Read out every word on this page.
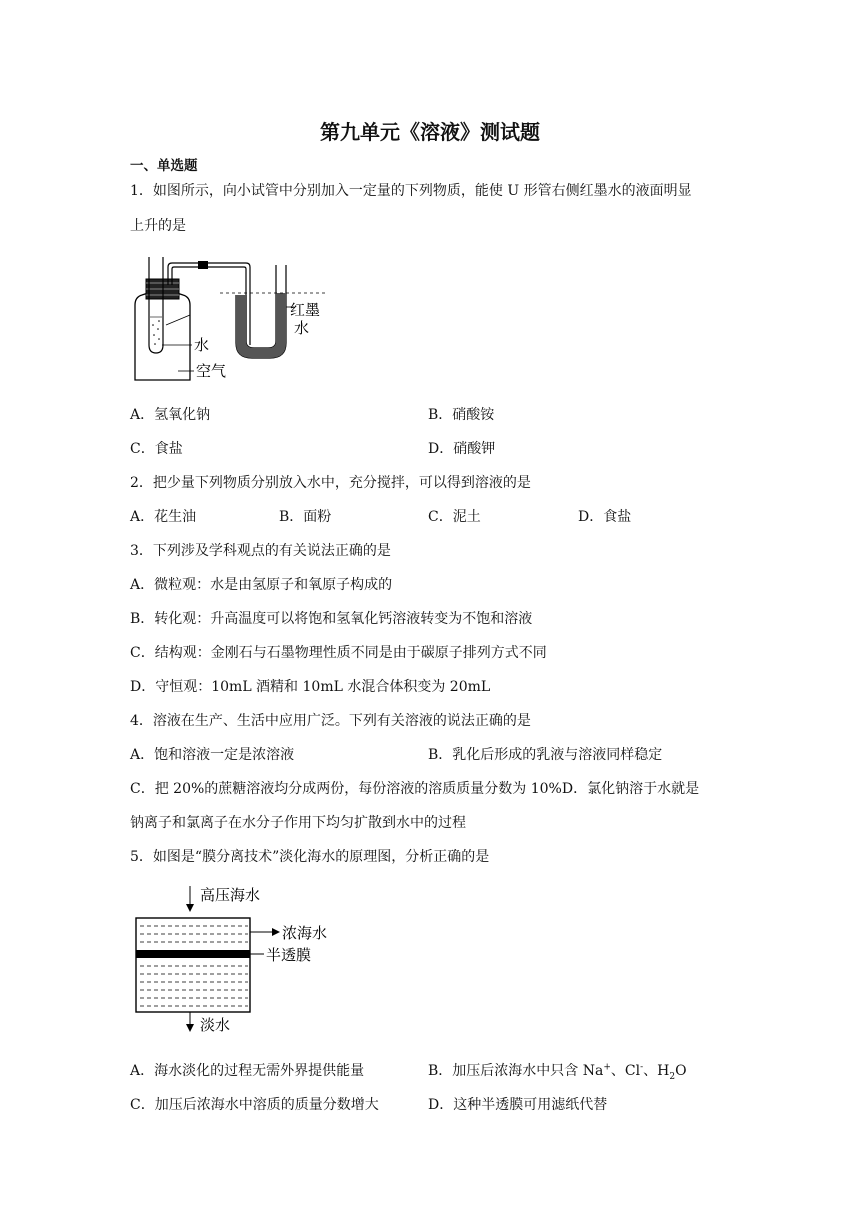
第九单元《溶液》测试题
一、单选题
1．如图所示，向小试管中分别加入一定量的下列物质，能使 U 形管右侧红墨水的液面明显
上升的是
红墨
水
水
空气
A．氢氧化钠	B．硝酸铵
C．食盐	D．硝酸钾
2．把少量下列物质分别放入水中，充分搅拌，可以得到溶液的是
A．花生油	B．面粉	C．泥土	D．食盐
3．下列涉及学科观点的有关说法正确的是
A．微粒观：水是由氢原子和氧原子构成的
B．转化观：升高温度可以将饱和氢氧化钙溶液转变为不饱和溶液
C．结构观：金刚石与石墨物理性质不同是由于碳原子排列方式不同
D．守恒观：10mL 酒精和 10mL 水混合体积变为 20mL
4．溶液在生产、生活中应用广泛。下列有关溶液的说法正确的是
A．饱和溶液一定是浓溶液	B．乳化后形成的乳液与溶液同样稳定
C．把 20%的蔗糖溶液均分成两份，每份溶液的溶质质量分数为 10%D．氯化钠溶于水就是
钠离子和氯离子在水分子作用下均匀扩散到水中的过程
5．如图是“膜分离技术”淡化海水的原理图，分析正确的是
高压海水
浓海水
半透膜
淡水
A．海水淡化的过程无需外界提供能量	B．加压后浓海水中只含 Na+、Cl-、$H_2O$
C．加压后浓海水中溶质的质量分数增大	D．这种半透膜可用滤纸代替
